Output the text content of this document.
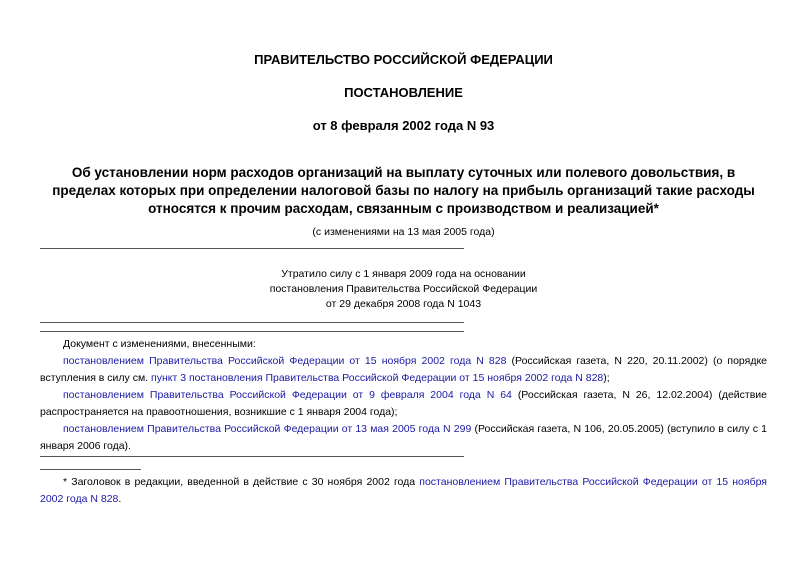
ПРАВИТЕЛЬСТВО РОССИЙСКОЙ ФЕДЕРАЦИИ
ПОСТАНОВЛЕНИЕ
от 8 февраля 2002 года N 93
Об установлении норм расходов организаций на выплату суточных или полевого довольствия, в пределах которых при определении налоговой базы по налогу на прибыль организаций такие расходы относятся к прочим расходам, связанным с производством и реализацией*
(с изменениями на 13 мая 2005 года)
Утратило силу с 1 января 2009 года на основании
постановления Правительства Российской Федерации
от 29 декабря 2008 года N 1043

Документ с изменениями, внесенными:

постановлением Правительства Российской Федерации от 15 ноября 2002 года N 828 (Российская газета, N 220, 20.11.2002) (о порядке вступления в силу см. пункт 3 постановления Правительства Российской Федерации от 15 ноября 2002 года N 828);

постановлением Правительства Российской Федерации от 9 февраля 2004 года N 64 (Российская газета, N 26, 12.02.2004) (действие распространяется на правоотношения, возникшие с 1 января 2004 года);

постановлением Правительства Российской Федерации от 13 мая 2005 года N 299 (Российская газета, N 106, 20.05.2005) (вступило в силу с 1 января 2006 года).

* Заголовок в редакции, введенной в действие с 30 ноября 2002 года постановлением Правительства Российской Федерации от 15 ноября 2002 года N 828.
